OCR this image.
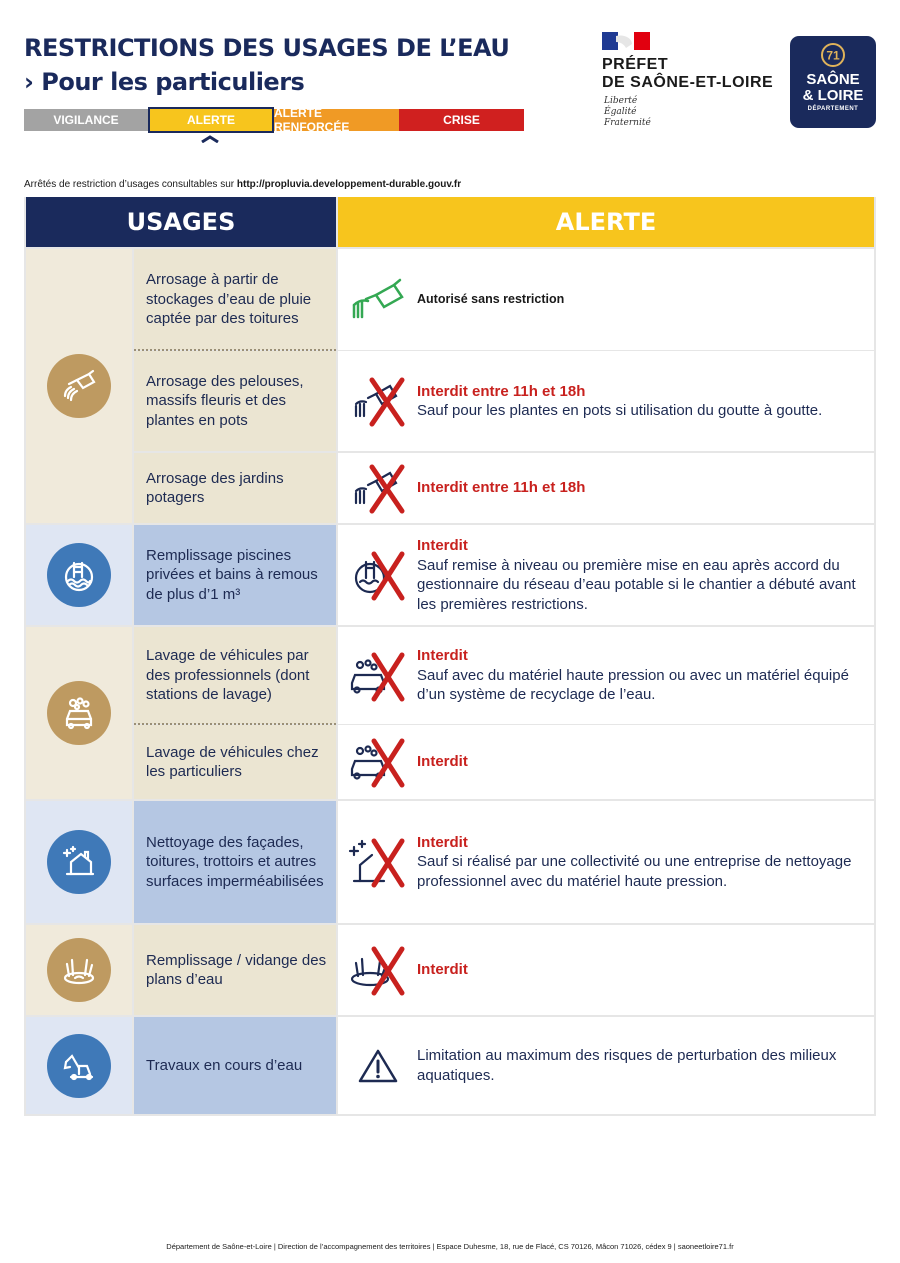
RESTRICTIONS DES USAGES DE L’EAU
› Pour les particuliers
VIGILANCE	ALERTE	ALERTE RENFORCÉE	CRISE
PRÉFET
DE SAÔNE-ET-LOIRE
Liberté
Égalité
Fraternité
71
SAÔNE
& LOIRE
DÉPARTEMENT
Arrêtés de restriction d’usages consultables sur http://propluvia.developpement-durable.gouv.fr
USAGES	ALERTE
Arrosage à partir de stockages d’eau de pluie captée par des toitures
Autorisé sans restriction
Arrosage des pelouses, massifs fleuris et des plantes en pots
Interdit entre 11h et 18h
Sauf pour les plantes en pots si utilisation du goutte à goutte.
Arrosage des jardins potagers
Interdit entre 11h et 18h
Remplissage piscines privées et bains à remous de plus d’1 m³
Interdit
Sauf remise à niveau ou première mise en eau après accord du gestionnaire du réseau d’eau potable si le chantier a débuté avant les premières restrictions.
Lavage de véhicules par des professionnels (dont stations de lavage)
Interdit
Sauf avec du matériel haute pression ou avec un matériel équipé d’un système de recyclage de l’eau.
Lavage de véhicules chez les particuliers
Interdit
Nettoyage des façades, toitures, trottoirs et autres surfaces imperméabilisées
Interdit
Sauf si réalisé par une collectivité ou une entreprise de nettoyage professionnel avec du matériel haute pression.
Remplissage / vidange des plans d’eau
Interdit
Travaux en cours d’eau
Limitation au maximum des risques de perturbation des milieux aquatiques.
Département de Saône-et-Loire | Direction de l’accompagnement des territoires | Espace Duhesme, 18, rue de Flacé, CS 70126, Mâcon 71026, cédex 9 | saoneetloire71.fr
